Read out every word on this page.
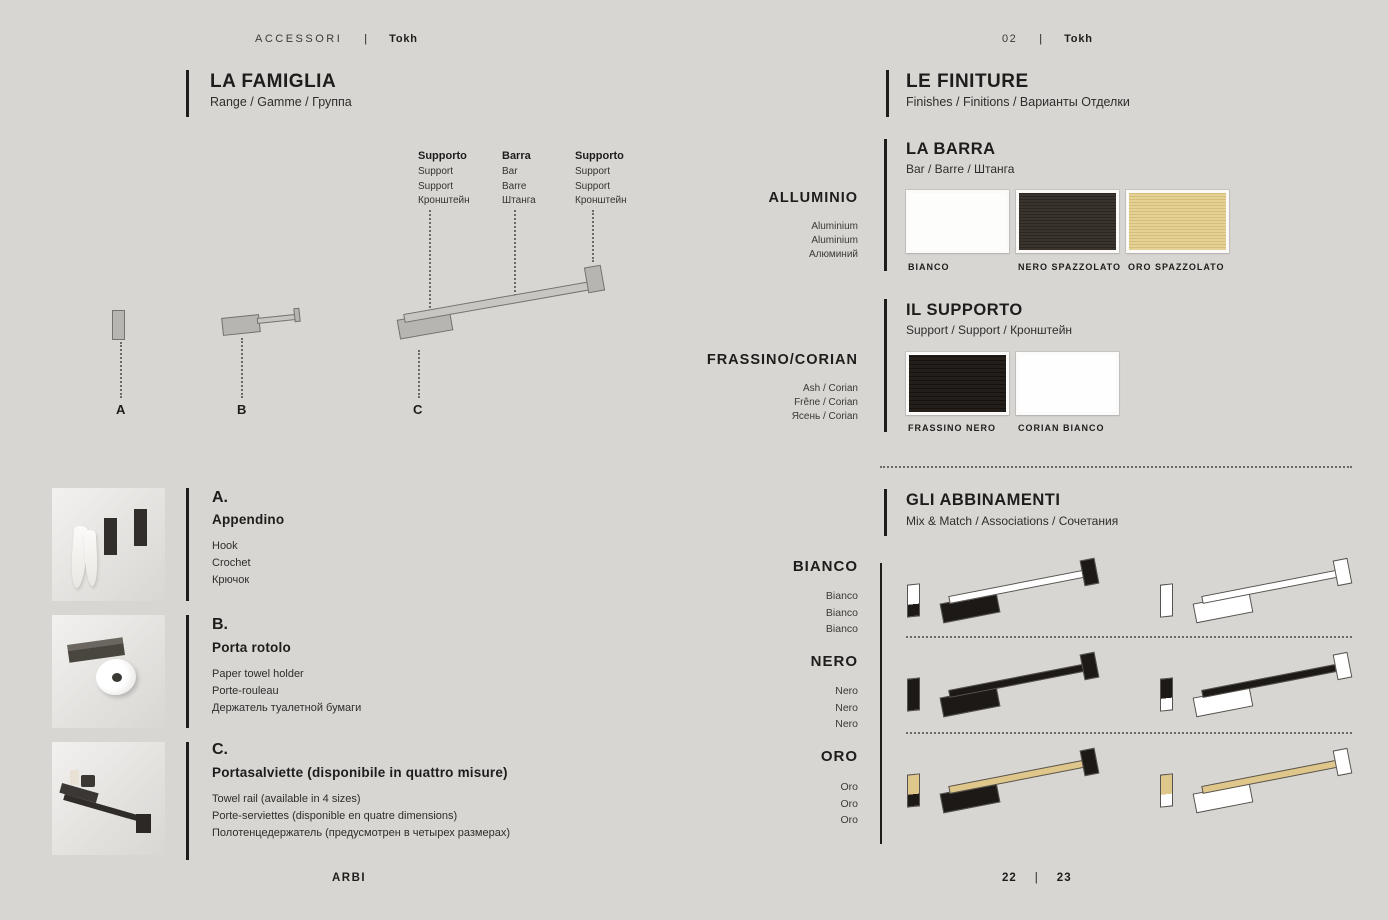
ACCESSORI | Tokh
LA FAMIGLIA
Range / Gamme / Группа
Supporto
Support
Support
Кронштейн
Barra
Bar
Barre
Штанга
Supporto
Support
Support
Кронштейн
A	B	C
A.
Appendino
Hook
Crochet
Крючок
B.
Porta rotolo
Paper towel holder
Porte-rouleau
Держатель туалетной бумаги
C.
Portasalviette (disponibile in quattro misure)
Towel rail (available in 4 sizes)
Porte-serviettes (disponible en quatre dimensions)
Полотенцедержатель (предусмотрен в четырех размерах)
ARBI
02 | Tokh
LE FINITURE
Finishes / Finitions / Варианты Отделки
LA BARRA
Bar / Barre / Штанга
ALLUMINIO
Aluminium
Aluminium
Алюминий
BIANCO	NERO SPAZZOLATO ORO SPAZZOLATO
IL SUPPORTO
Support / Support / Кронштейн
FRASSINO/CORIAN
Ash / Corian
Frêne / Corian
Ясень / Corian
FRASSINO NERO CORIAN BIANCO
GLI ABBINAMENTI
Mix & Match / Associations / Сочетания
BIANCO
Bianco
Bianco
Bianco
NERO
Nero
Nero
Nero
ORO
Oro
Oro
Oro
22 | 23
